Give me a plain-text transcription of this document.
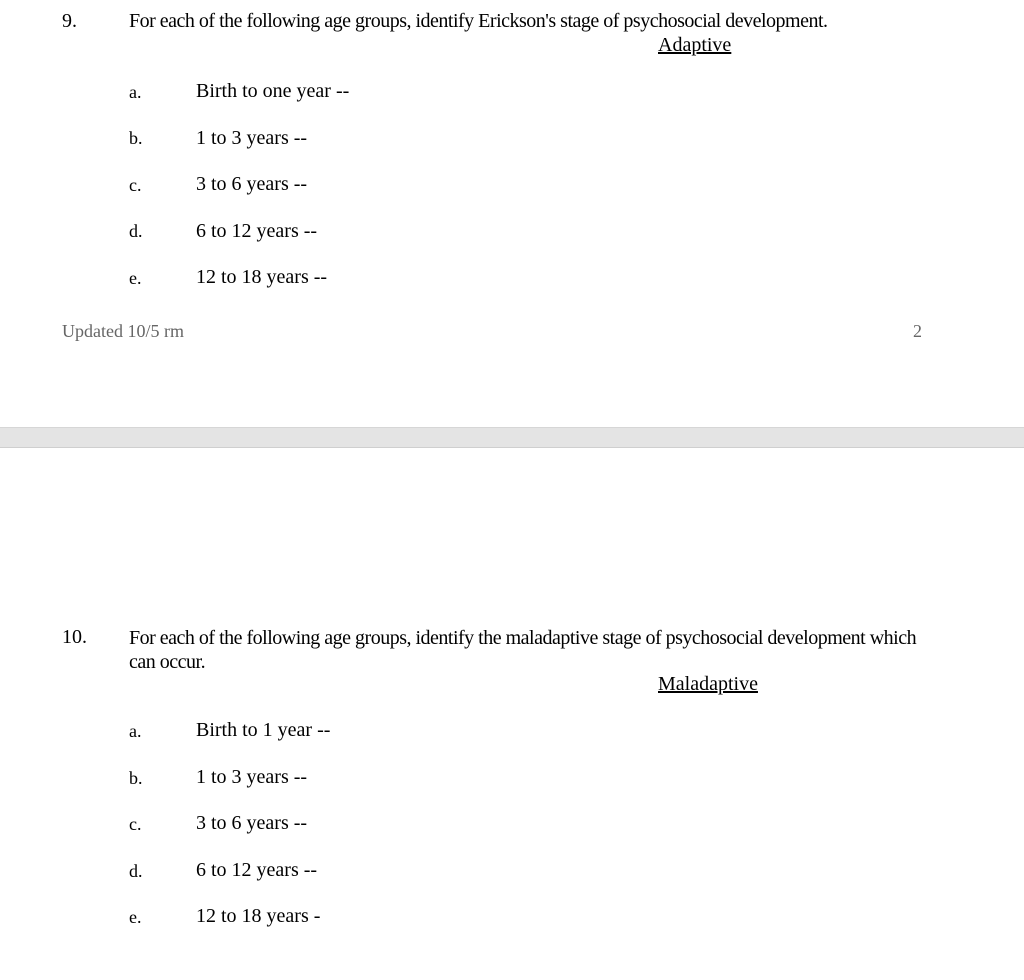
9.	For each of the following age groups, identify Erickson's stage of psychosocial development.
Adaptive
a.	Birth to one year --
b.	1 to 3 years --
c.	3 to 6 years --
d.	6 to 12 years --
e.	12 to 18 years --
Updated 10/5 rm	2
10. For each of the following age groups, identify the maladaptive stage of psychosocial development which can occur.
Maladaptive
a.	Birth to 1 year --
b.	1 to 3 years --
c.	3 to 6 years --
d.	6 to 12 years --
e.	12 to 18 years -
